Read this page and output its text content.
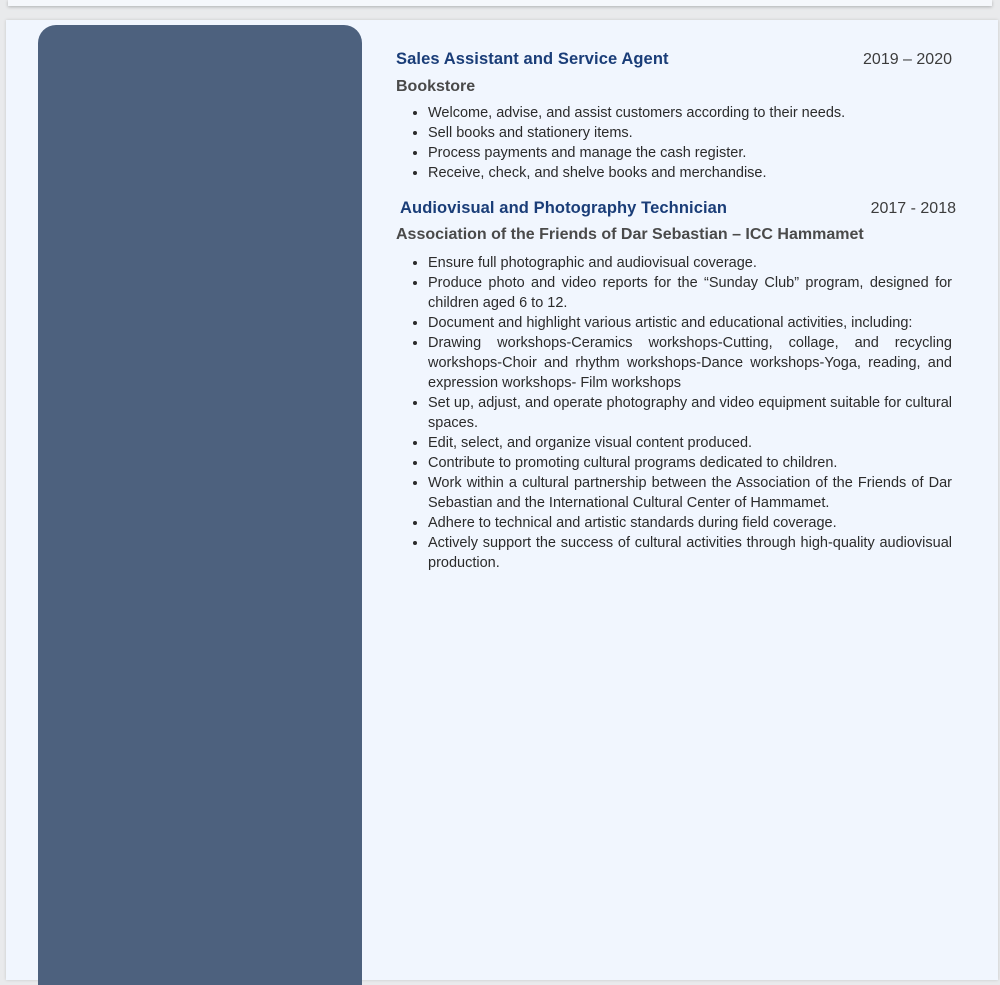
Sales Assistant and Service Agent	2019 – 2020
Bookstore
• Welcome, advise, and assist customers according to their needs.
• Sell books and stationery items.
• Process payments and manage the cash register.
• Receive, check, and shelve books and merchandise.
Audiovisual and Photography Technician	2017 - 2018
Association of the Friends of Dar Sebastian – ICC Hammamet
• Ensure full photographic and audiovisual coverage.
• Produce photo and video reports for the “Sunday Club” program, designed for children aged 6 to 12.
• Document and highlight various artistic and educational activities, including:
• Drawing workshops-Ceramics workshops-Cutting, collage, and recycling workshops-Choir and rhythm workshops-Dance workshops-Yoga, reading, and expression workshops- Film workshops
• Set up, adjust, and operate photography and video equipment suitable for cultural spaces.
• Edit, select, and organize visual content produced.
• Contribute to promoting cultural programs dedicated to children.
• Work within a cultural partnership between the Association of the Friends of Dar Sebastian and the International Cultural Center of Hammamet.
• Adhere to technical and artistic standards during field coverage.
• Actively support the success of cultural activities through high-quality audiovisual production.
